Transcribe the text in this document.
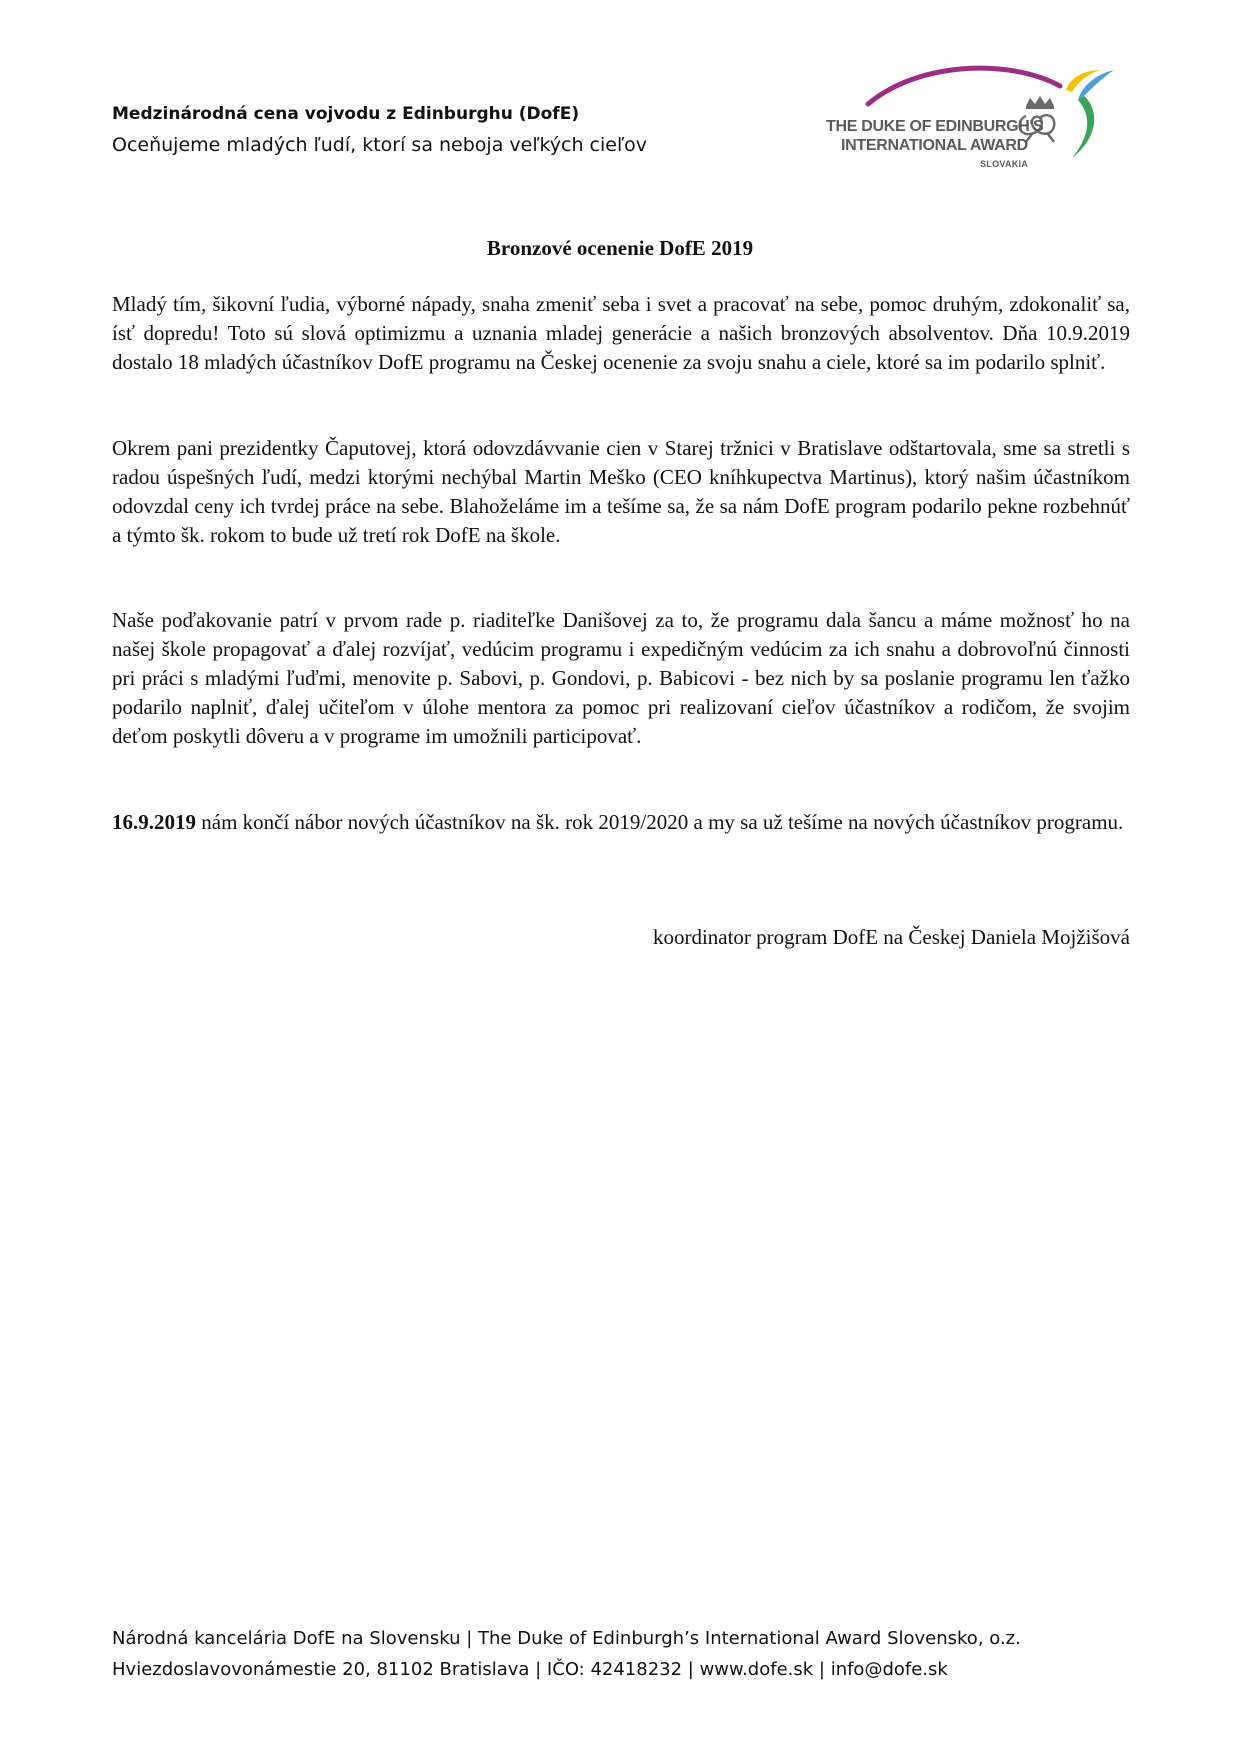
Medzinárodná cena vojvodu z Edinburghu (DofE)
Oceňujeme mladých ľudí, ktorí sa neboja veľkých cieľov
THE DUKE OF EDINBURGH'S
INTERNATIONAL AWARD
SLOVAKIA
Bronzové ocenenie DofE 2019

Mladý tím, šikovní ľudia, výborné nápady, snaha zmeniť seba i svet a pracovať na sebe, pomoc druhým, zdokonaliť sa, ísť dopredu! Toto sú slová optimizmu a uznania mladej generácie a našich bronzových absolventov. Dňa 10.9.2019 dostalo 18 mladých účastníkov DofE programu na Českej ocenenie za svoju snahu a ciele, ktoré sa im podarilo splniť.

Okrem pani prezidentky Čaputovej, ktorá odovzdávvanie cien v Starej tržnici v Bratislave odštartovala, sme sa stretli s radou úspešných ľudí, medzi ktorými nechýbal Martin Meško (CEO kníhkupectva Martinus), ktorý našim účastníkom odovzdal ceny ich tvrdej práce na sebe. Blahoželáme im a tešíme sa, že sa nám DofE program podarilo pekne rozbehnúť a týmto šk. rokom to bude už tretí rok DofE na škole.

Naše poďakovanie patrí v prvom rade p. riaditeľke Danišovej za to, že programu dala šancu a máme možnosť ho na našej škole propagovať a ďalej rozvíjať, vedúcim programu i expedičným vedúcim za ich snahu a dobrovoľnú činnosti pri práci s mladými ľuďmi, menovite p. Sabovi, p. Gondovi, p. Babicovi - bez nich by sa poslanie programu len ťažko podarilo naplniť, ďalej učiteľom v úlohe mentora za pomoc pri realizovaní cieľov účastníkov a rodičom, že svojim deťom poskytli dôveru a v programe im umožnili participovať.

16.9.2019 nám končí nábor nových účastníkov na šk. rok 2019/2020 a my sa už tešíme na nových účastníkov programu.

koordinator program DofE na Českej Daniela Mojžišová
Národná kancelária DofE na Slovensku | The Duke of Edinburgh’s International Award Slovensko, o.z.
Hviezdoslavovonámestie 20, 81102 Bratislava | IČO: 42418232 | www.dofe.sk | info@dofe.sk
